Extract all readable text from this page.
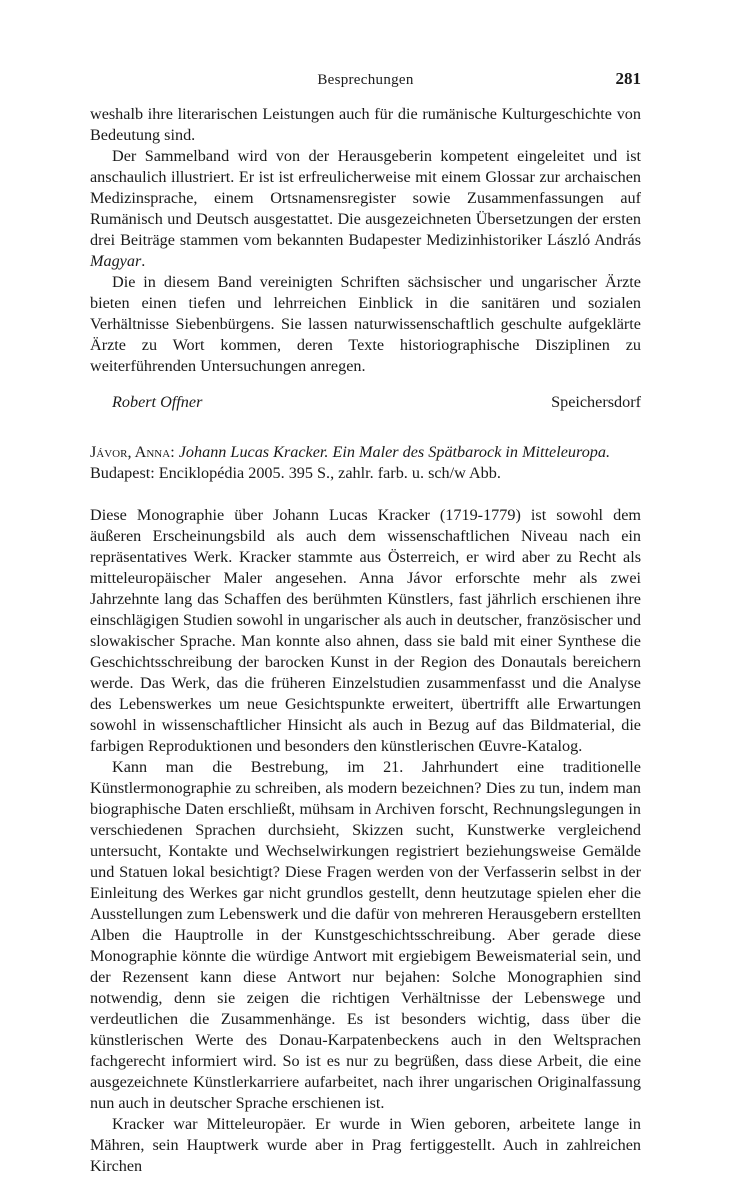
Besprechungen	281

weshalb ihre literarischen Leistungen auch für die rumänische Kulturgeschichte von Bedeutung sind.

Der Sammelband wird von der Herausgeberin kompetent eingeleitet und ist anschaulich illustriert. Er ist ist erfreulicherweise mit einem Glossar zur archaischen Medizinsprache, einem Ortsnamensregister sowie Zusammenfassungen auf Rumänisch und Deutsch ausgestattet. Die ausgezeichneten Übersetzungen der ersten drei Beiträge stammen vom bekannten Budapester Medizinhistoriker László András Magyar.

Die in diesem Band vereinigten Schriften sächsischer und ungarischer Ärzte bieten einen tiefen und lehrreichen Einblick in die sanitären und sozialen Verhältnisse Siebenbürgens. Sie lassen naturwissenschaftlich geschulte aufgeklärte Ärzte zu Wort kommen, deren Texte historiographische Disziplinen zu weiterführenden Untersuchungen anregen.

Robert Offner	Speichersdorf

Jávor, Anna: Johann Lucas Kracker. Ein Maler des Spätbarock in Mitteleuropa. Budapest: Enciklopédia 2005. 395 S., zahlr. farb. u. sch/w Abb.

Diese Monographie über Johann Lucas Kracker (1719-1779) ist sowohl dem äußeren Erscheinungsbild als auch dem wissenschaftlichen Niveau nach ein repräsentatives Werk. Kracker stammte aus Österreich, er wird aber zu Recht als mitteleuropäischer Maler angesehen. Anna Jávor erforschte mehr als zwei Jahrzehnte lang das Schaffen des berühmten Künstlers, fast jährlich erschienen ihre einschlägigen Studien sowohl in ungarischer als auch in deutscher, französischer und slowakischer Sprache. Man konnte also ahnen, dass sie bald mit einer Synthese die Geschichtsschreibung der barocken Kunst in der Region des Donautals bereichern werde. Das Werk, das die früheren Einzelstudien zusammenfasst und die Analyse des Lebenswerkes um neue Gesichtspunkte erweitert, übertrifft alle Erwartungen sowohl in wissenschaftlicher Hinsicht als auch in Bezug auf das Bildmaterial, die farbigen Reproduktionen und besonders den künstlerischen Œuvre-Katalog.

Kann man die Bestrebung, im 21. Jahrhundert eine traditionelle Künstlermonographie zu schreiben, als modern bezeichnen? Dies zu tun, indem man biographische Daten erschließt, mühsam in Archiven forscht, Rechnungslegungen in verschiedenen Sprachen durchsieht, Skizzen sucht, Kunstwerke vergleichend untersucht, Kontakte und Wechselwirkungen registriert beziehungsweise Gemälde und Statuen lokal besichtigt? Diese Fragen werden von der Verfasserin selbst in der Einleitung des Werkes gar nicht grundlos gestellt, denn heutzutage spielen eher die Ausstellungen zum Lebenswerk und die dafür von mehreren Herausgebern erstellten Alben die Hauptrolle in der Kunstgeschichtsschreibung. Aber gerade diese Monographie könnte die würdige Antwort mit ergiebigem Beweismaterial sein, und der Rezensent kann diese Antwort nur bejahen: Solche Monographien sind notwendig, denn sie zeigen die richtigen Verhältnisse der Lebenswege und verdeutlichen die Zusammenhänge. Es ist besonders wichtig, dass über die künstlerischen Werte des Donau-Karpatenbeckens auch in den Weltsprachen fachgerecht informiert wird. So ist es nur zu begrüßen, dass diese Arbeit, die eine ausgezeichnete Künstlerkarriere aufarbeitet, nach ihrer ungarischen Originalfassung nun auch in deutscher Sprache erschienen ist.

Kracker war Mitteleuropäer. Er wurde in Wien geboren, arbeitete lange in Mähren, sein Hauptwerk wurde aber in Prag fertiggestellt. Auch in zahlreichen Kirchen
